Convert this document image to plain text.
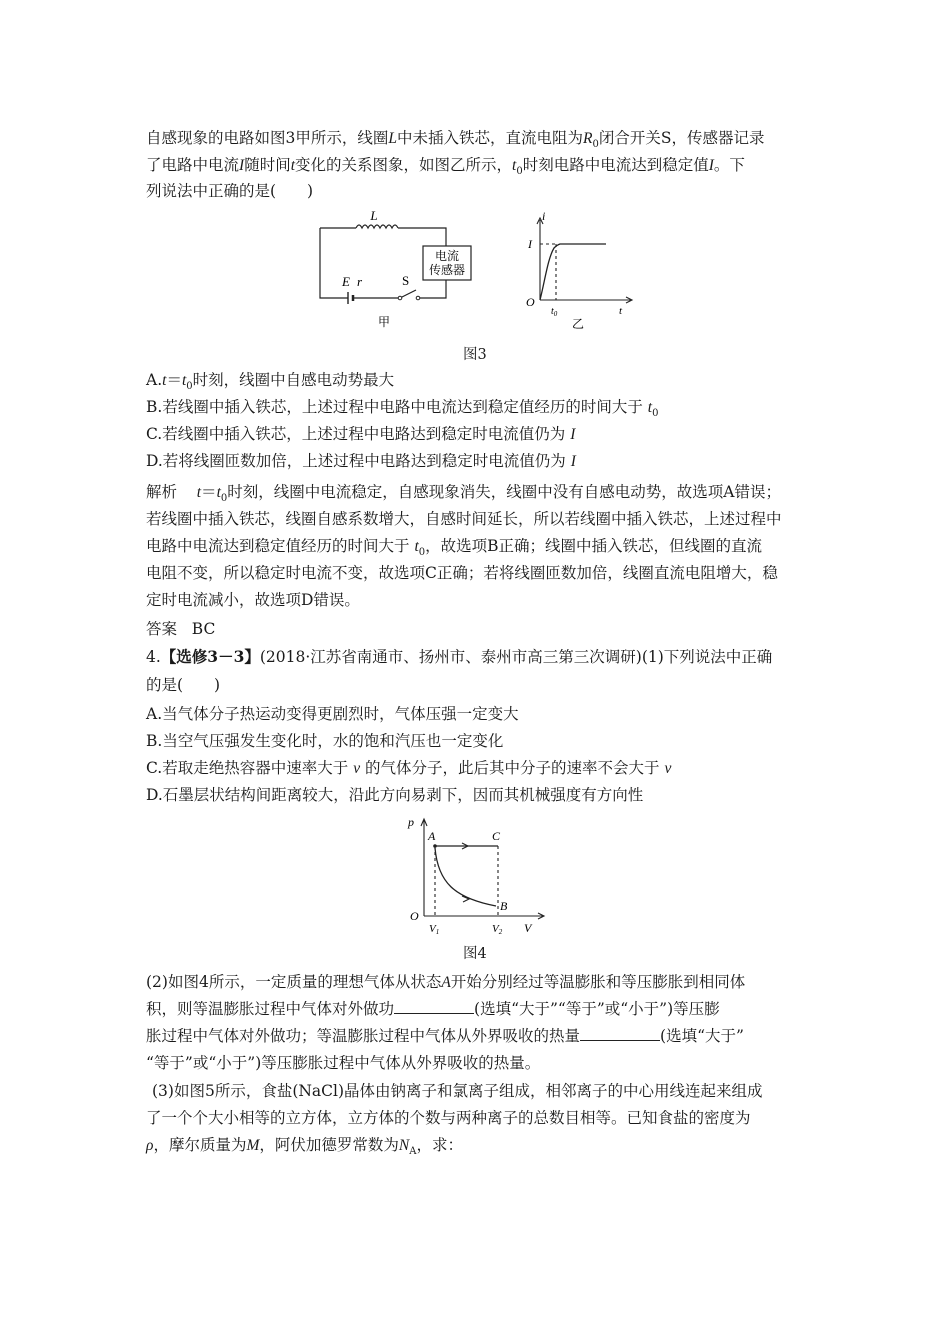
自感现象的电路如图3甲所示，线圈L中未插入铁芯，直流电阻为$R_0$闭合开关S，传感器记录
了电路中电流I随时间t变化的关系图象，如图乙所示，$t_0$时刻电路中电流达到稳定值I。下
列说法中正确的是(　　)
L
电流
传感器
E r	S
甲
i
I
O
$t_0$	t
乙
图3
$A.t=t_0$时刻，线圈中自感电动势最大
B.若线圈中插入铁芯，上述过程中电路中电流达到稳定值经历的时间大于 $t_0$
C.若线圈中插入铁芯，上述过程中电路达到稳定时电流值仍为 I
D.若将线圈匝数加倍，上述过程中电路达到稳定时电流值仍为 I
解析 $t=t_0$时刻，线圈中电流稳定，自感现象消失，线圈中没有自感电动势，故选项A错误；
若线圈中插入铁芯，线圈自感系数增大，自感时间延长，所以若线圈中插入铁芯，上述过程中
电路中电流达到稳定值经历的时间大于 $t_0$，故选项B正确；线圈中插入铁芯，但线圈的直流
电阻不变，所以稳定时电流不变，故选项C正确；若将线圈匝数加倍，线圈直流电阻增大，稳
定时电流减小，故选项D错误。
答案 BC
4.【选修3－3】(2018·江苏省南通市、扬州市、泰州市高三第三次调研)(1)下列说法中正确
的是(　　)
A.当气体分子热运动变得更剧烈时，气体压强一定变大
B.当空气压强发生变化时，水的饱和汽压也一定变化
C.若取走绝热容器中速率大于 v 的气体分子，此后其中分子的速率不会大于 v
D.石墨层状结构间距离较大，沿此方向易剥下，因而其机械强度有方向性
p
A	C
B
O
V1	V2 V
图4
(2)如图4所示，一定质量的理想气体从状态A开始分别经过等温膨胀和等压膨胀到相同体
积，则等温膨胀过程中气体对外做功	(选填“大于”“等于”或“小于”)等压膨
胀过程中气体对外做功；等温膨胀过程中气体从外界吸收的热量	(选填“大于”
“等于”或“小于”)等压膨胀过程中气体从外界吸收的热量。
(3)如图5所示，食盐(NaCl)晶体由钠离子和氯离子组成，相邻离子的中心用线连起来组成
了一个个大小相等的立方体，立方体的个数与两种离子的总数目相等。已知食盐的密度为
ρ，摩尔质量为M，阿伏加德罗常数为$N_A$，求：
